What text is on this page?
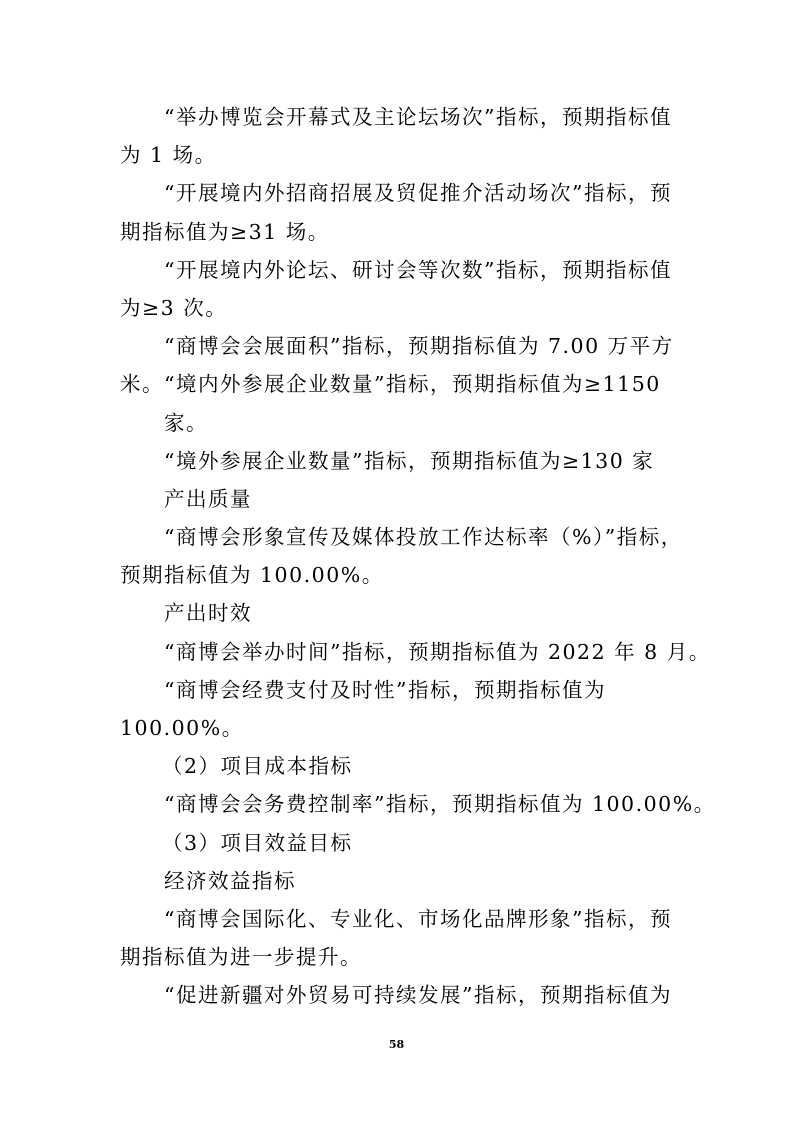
“举办博览会开幕式及主论坛场次”指标，预期指标值
为 1 场。
“开展境内外招商招展及贸促推介活动场次”指标，预
期指标值为≥31 场。
“开展境内外论坛、研讨会等次数”指标，预期指标值
为≥3 次。
“商博会会展面积”指标，预期指标值为 7.00 万平方
米。“境内外参展企业数量”指标，预期指标值为≥1150
家。
“境外参展企业数量”指标，预期指标值为≥130 家
产出质量
“商博会形象宣传及媒体投放工作达标率（%）”指标，
预期指标值为 100.00%。
产出时效
“商博会举办时间”指标，预期指标值为 2022 年 8 月。
“商博会经费支付及时性”指标，预期指标值为
100.00%。
（2）项目成本指标
“商博会会务费控制率”指标，预期指标值为 100.00%。
（3）项目效益目标
经济效益指标
“商博会国际化、专业化、市场化品牌形象”指标，预
期指标值为进一步提升。
“促进新疆对外贸易可持续发展”指标，预期指标值为
58
